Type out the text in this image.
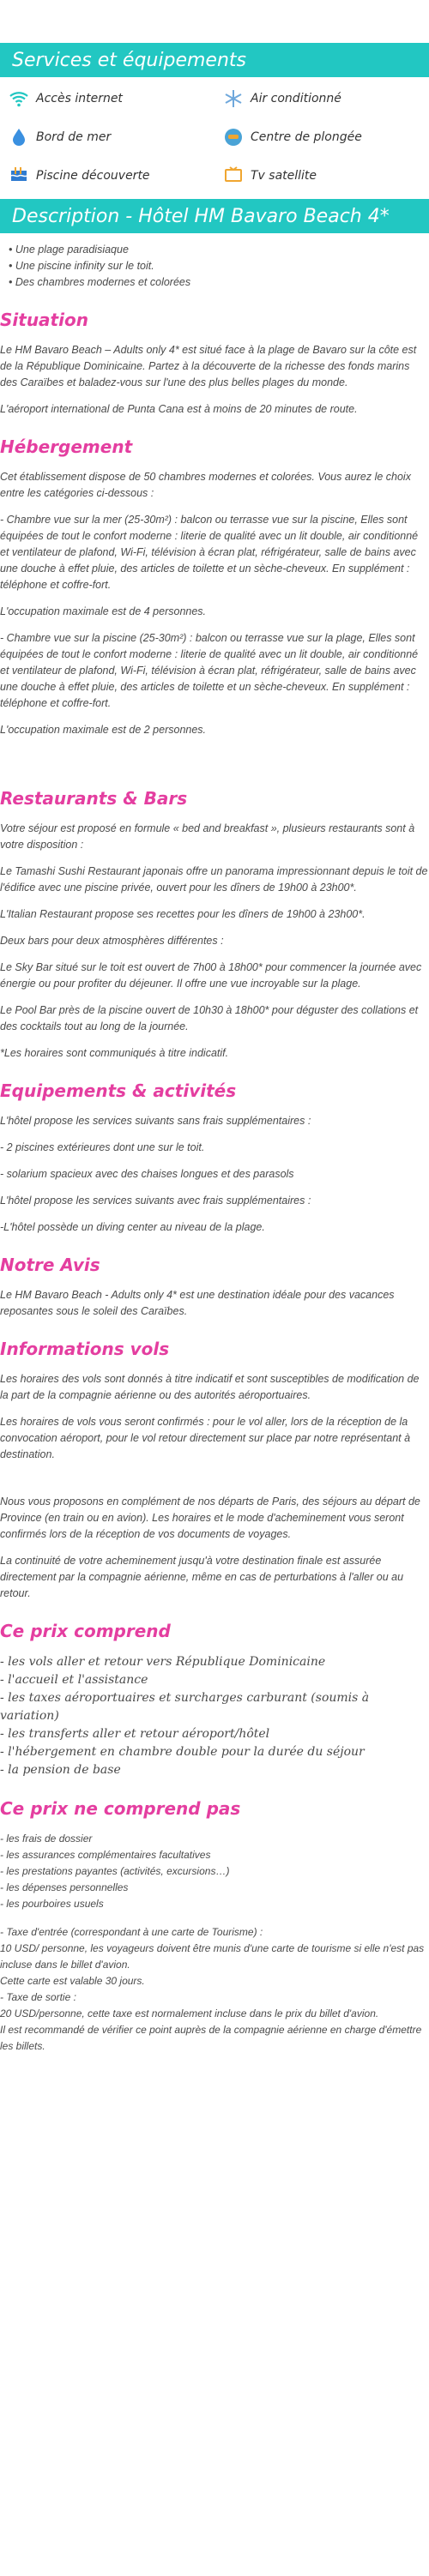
Services et équipements
Accès internet	Air conditionné
Bord de mer	Centre de plongée
Piscine découverte	Tv satellite
Description - Hôtel HM Bavaro Beach 4*
• Une plage paradisiaque
• Une piscine infinity sur le toit.
• Des chambres modernes et colorées
Situation

Le HM Bavaro Beach – Adults only 4* est situé face à la plage de Bavaro sur la côte est de la République Dominicaine. Partez à la découverte de la richesse des fonds marins des Caraïbes et baladez-vous sur l'une des plus belles plages du monde.

L'aéroport international de Punta Cana est à moins de 20 minutes de route.

Hébergement

Cet établissement dispose de 50 chambres modernes et colorées. Vous aurez le choix entre les catégories ci-dessous :

- Chambre vue sur la mer (25-30m²) : balcon ou terrasse vue sur la piscine, Elles sont équipées de tout le confort moderne : literie de qualité avec un lit double, air conditionné et ventilateur de plafond, Wi-Fi, télévision à écran plat, réfrigérateur, salle de bains avec une douche à effet pluie, des articles de toilette et un sèche-cheveux. En supplément : téléphone et coffre-fort.

L'occupation maximale est de 4 personnes.

- Chambre vue sur la piscine (25-30m²) : balcon ou terrasse vue sur la plage, Elles sont équipées de tout le confort moderne : literie de qualité avec un lit double, air conditionné et ventilateur de plafond, Wi-Fi, télévision à écran plat, réfrigérateur, salle de bains avec une douche à effet pluie, des articles de toilette et un sèche-cheveux. En supplément : téléphone et coffre-fort.

L'occupation maximale est de 2 personnes.

Restaurants & Bars

Votre séjour est proposé en formule « bed and breakfast », plusieurs restaurants sont à votre disposition :

Le Tamashi Sushi Restaurant japonais offre un panorama impressionnant depuis le toit de l'édifice avec une piscine privée, ouvert pour les dîners de 19h00 à 23h00*.

L'Italian Restaurant propose ses recettes pour les dîners de 19h00 à 23h00*.

Deux bars pour deux atmosphères différentes :

Le Sky Bar situé sur le toit est ouvert de 7h00 à 18h00* pour commencer la journée avec énergie ou pour profiter du déjeuner. Il offre une vue incroyable sur la plage.

Le Pool Bar près de la piscine ouvert de 10h30 à 18h00* pour déguster des collations et des cocktails tout au long de la journée.

*Les horaires sont communiqués à titre indicatif.

Equipements & activités

L'hôtel propose les services suivants sans frais supplémentaires :

- 2 piscines extérieures dont une sur le toit.

- solarium spacieux avec des chaises longues et des parasols

L'hôtel propose les services suivants avec frais supplémentaires :

-L'hôtel possède un diving center au niveau de la plage.

Notre Avis

Le HM Bavaro Beach - Adults only 4* est une destination idéale pour des vacances reposantes sous le soleil des Caraïbes.

Informations vols

Les horaires des vols sont donnés à titre indicatif et sont susceptibles de modification de la part de la compagnie aérienne ou des autorités aéroportuaires.

Les horaires de vols vous seront confirmés : pour le vol aller, lors de la réception de la convocation aéroport, pour le vol retour directement sur place par notre représentant à destination.

Nous vous proposons en complément de nos départs de Paris, des séjours au départ de Province (en train ou en avion). Les horaires et le mode d'acheminement vous seront confirmés lors de la réception de vos documents de voyages.

La continuité de votre acheminement jusqu'à votre destination finale est assurée directement par la compagnie aérienne, même en cas de perturbations à l'aller ou au retour.

Ce prix comprend

- les vols aller et retour vers République Dominicaine

- l'accueil et l'assistance

- les taxes aéroportuaires et surcharges carburant (soumis à variation)

- les transferts aller et retour aéroport/hôtel

- l'hébergement en chambre double pour la durée du séjour

- la pension de base

Ce prix ne comprend pas

- les frais de dossier

- les assurances complémentaires facultatives

- les prestations payantes (activités, excursions…)

- les dépenses personnelles

- les pourboires usuels

- Taxe d'entrée (correspondant à une carte de Tourisme) :

10 USD/ personne, les voyageurs doivent être munis d'une carte de tourisme si elle n'est pas incluse dans le billet d'avion.

Cette carte est valable 30 jours.

- Taxe de sortie :

20 USD/personne, cette taxe est normalement incluse dans le prix du billet d'avion.

Il est recommandé de vérifier ce point auprès de la compagnie aérienne en charge d'émettre les billets.
